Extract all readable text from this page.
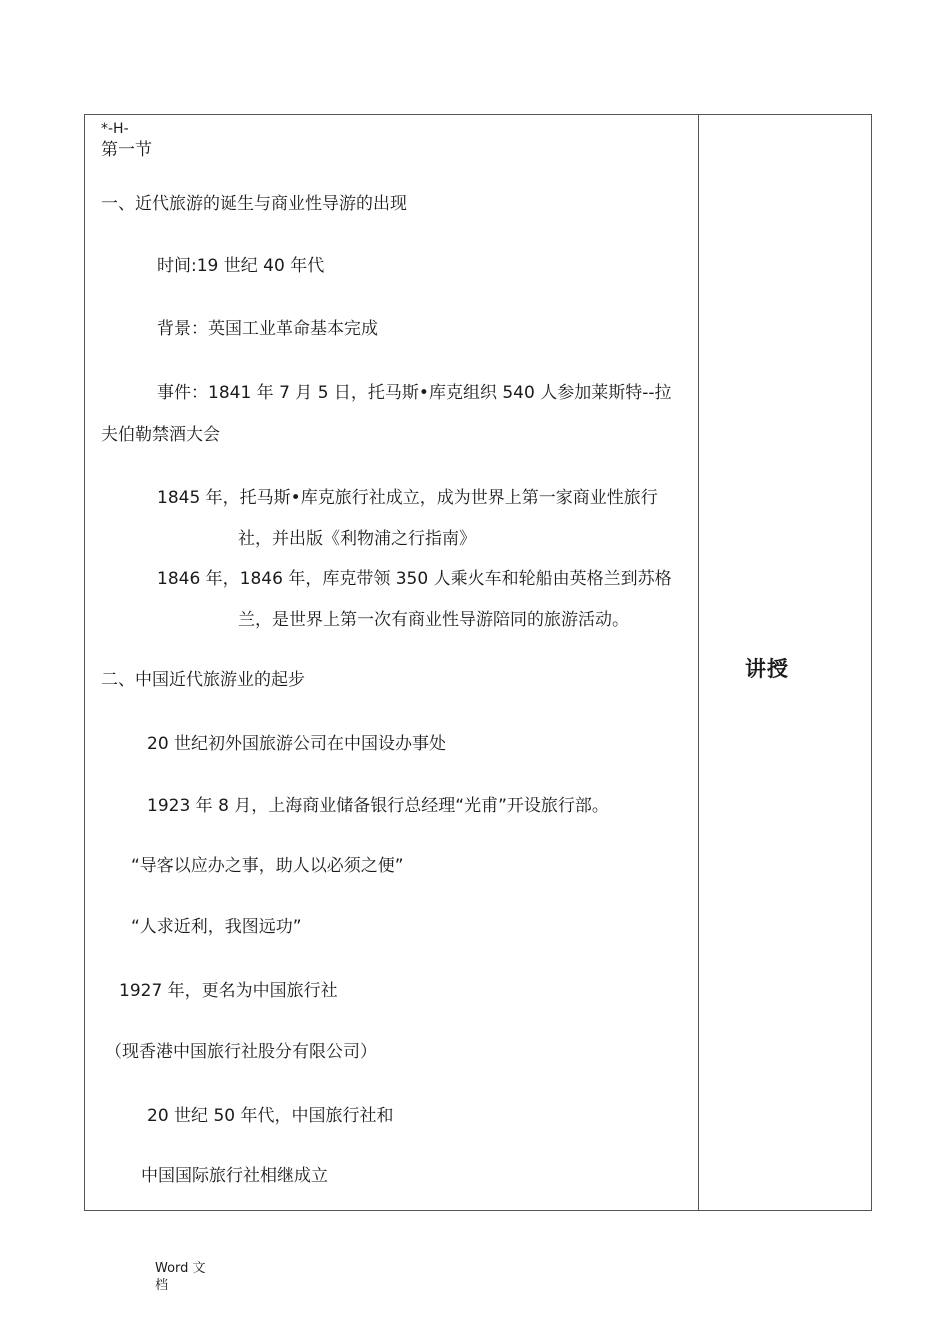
*-H-
第一节
一、近代旅游的诞生与商业性导游的出现
时间:19 世纪 40 年代
背景：英国工业革命基本完成
事件：1841 年 7 月 5 日，托马斯•库克组织 540 人参加莱斯特--拉
夫伯勒禁酒大会
1845 年，托马斯•库克旅行社成立，成为世界上第一家商业性旅行
社，并出版《利物浦之行指南》
1846 年，1846 年，库克带领 350 人乘火车和轮船由英格兰到苏格
兰，是世界上第一次有商业性导游陪同的旅游活动。
二、中国近代旅游业的起步
20 世纪初外国旅游公司在中国设办事处
1923 年 8 月，上海商业储备银行总经理“光甫”开设旅行部。
“导客以应办之事，助人以必须之便”
“人求近利，我图远功”
1927 年，更名为中国旅行社
（现香港中国旅行社股分有限公司）
20 世纪 50 年代，中国旅行社和
中国国际旅行社相继成立
讲授
Word 文
档
